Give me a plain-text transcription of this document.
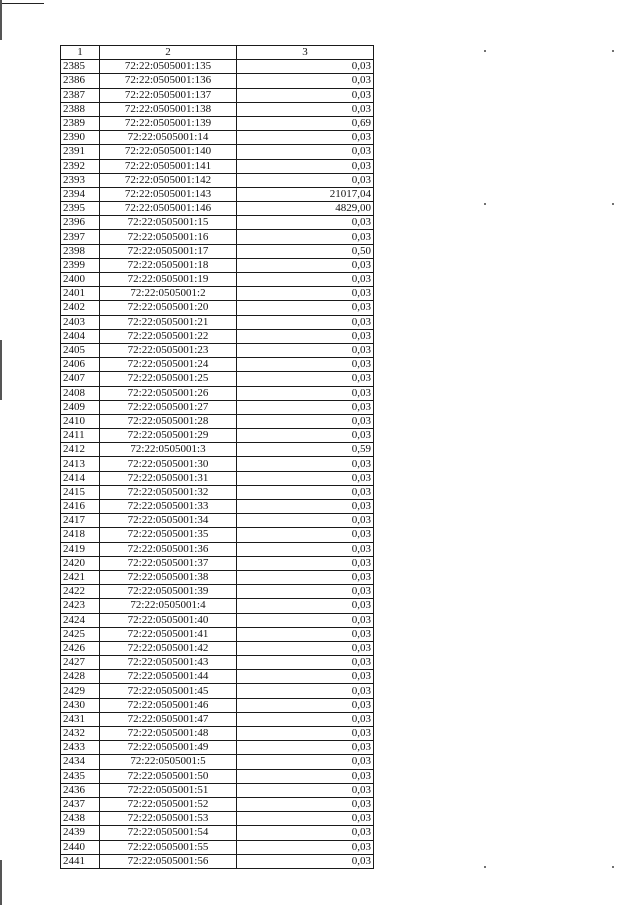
1	2	3
2385	72:22:0505001:135	0,03
2386	72:22:0505001:136	0,03
2387	72:22:0505001:137	0,03
2388	72:22:0505001:138	0,03
2389	72:22:0505001:139	0,69
2390	72:22:0505001:14	0,03
2391	72:22:0505001:140	0,03
2392	72:22:0505001:141	0,03
2393	72:22:0505001:142	0,03
2394	72:22:0505001:143	21017,04
2395	72:22:0505001:146	4829,00
2396	72:22:0505001:15	0,03
2397	72:22:0505001:16	0,03
2398	72:22:0505001:17	0,50
2399	72:22:0505001:18	0,03
2400	72:22:0505001:19	0,03
2401	72:22:0505001:2	0,03
2402	72:22:0505001:20	0,03
2403	72:22:0505001:21	0,03
2404	72:22:0505001:22	0,03
2405	72:22:0505001:23	0,03
2406	72:22:0505001:24	0,03
2407	72:22:0505001:25	0,03
2408	72:22:0505001:26	0,03
2409	72:22:0505001:27	0,03
2410	72:22:0505001:28	0,03
2411	72:22:0505001:29	0,03
2412	72:22:0505001:3	0,59
2413	72:22:0505001:30	0,03
2414	72:22:0505001:31	0,03
2415	72:22:0505001:32	0,03
2416	72:22:0505001:33	0,03
2417	72:22:0505001:34	0,03
2418	72:22:0505001:35	0,03
2419	72:22:0505001:36	0,03
2420	72:22:0505001:37	0,03
2421	72:22:0505001:38	0,03
2422	72:22:0505001:39	0,03
2423	72:22:0505001:4	0,03
2424	72:22:0505001:40	0,03
2425	72:22:0505001:41	0,03
2426	72:22:0505001:42	0,03
2427	72:22:0505001:43	0,03
2428	72:22:0505001:44	0,03
2429	72:22:0505001:45	0,03
2430	72:22:0505001:46	0,03
2431	72:22:0505001:47	0,03
2432	72:22:0505001:48	0,03
2433	72:22:0505001:49	0,03
2434	72:22:0505001:5	0,03
2435	72:22:0505001:50	0,03
2436	72:22:0505001:51	0,03
2437	72:22:0505001:52	0,03
2438	72:22:0505001:53	0,03
2439	72:22:0505001:54	0,03
2440	72:22:0505001:55	0,03
2441	72:22:0505001:56	0,03
